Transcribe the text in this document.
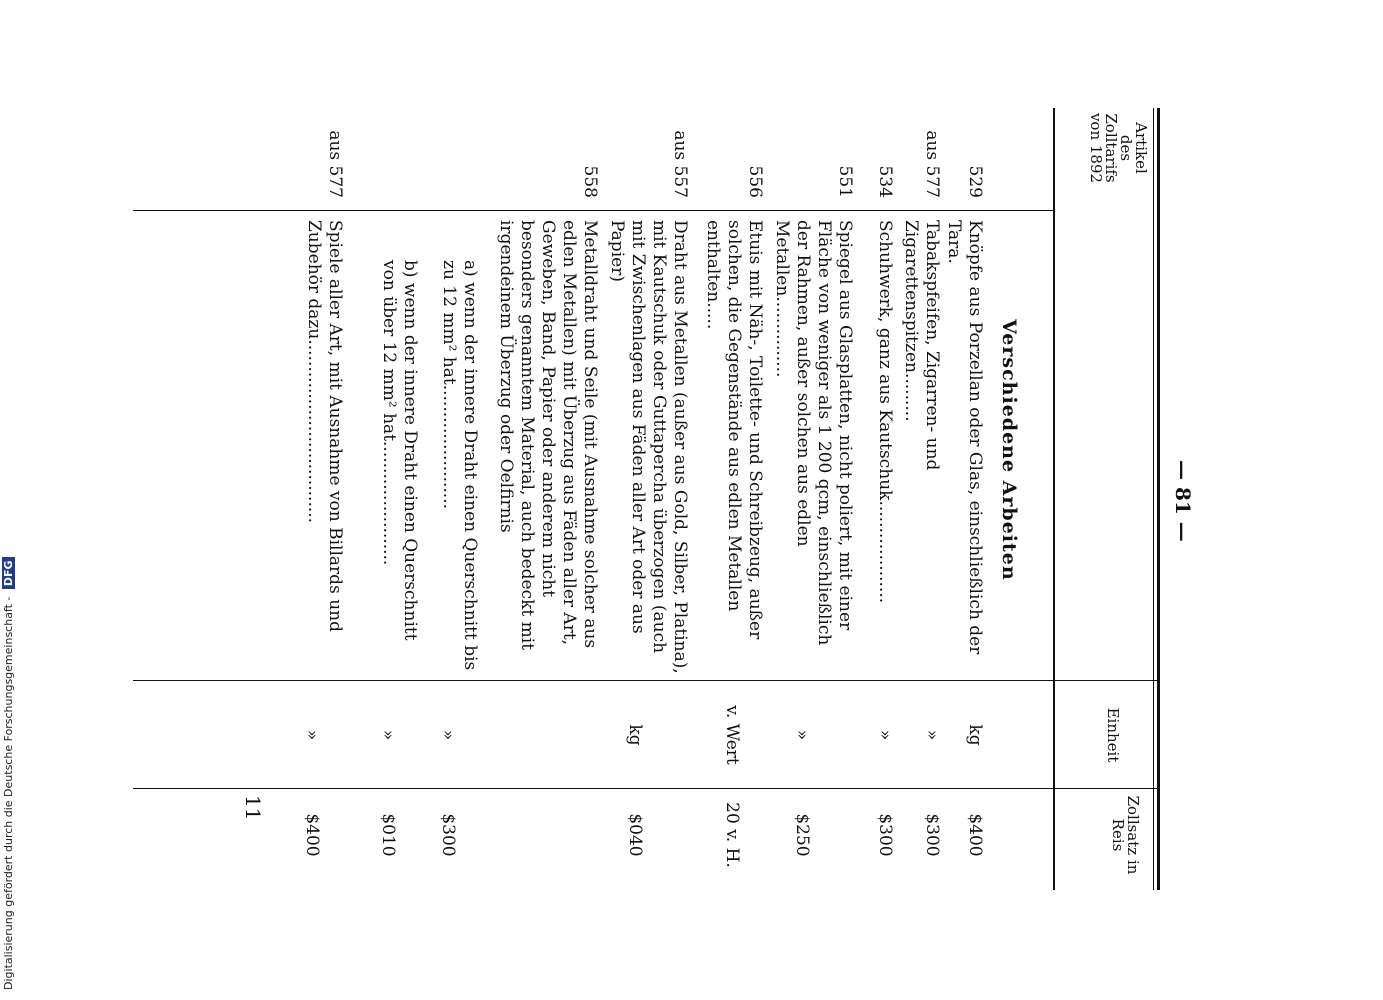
— 81 —
Artikel des Zolltarifs von 1892
Einheit
Zollsatz in Reis
Verschiedene Arbeiten
529
Knöpfe aus Porzellan oder Glas, einschließlich der Tara.
kg
$400
aus 577
Tabakspfeifen, Zigarren- und Zigarettenspitzen.........
»
$300
534
Schuhwerk, ganz aus Kautschuk...................
»
$300
551
Spiegel aus Glasplatten, nicht poliert, mit einer Fläche von weniger als 1 200 qcm, einschließlich der Rahmen, außer solchen aus edlen Metallen...............
»
$250
556
Etuis mit Näh-, Toilette- und Schreibzeug, außer solchen, die Gegenstände aus edlen Metallen enthalten.....
v. Wert
20 v. H.
aus 557
Draht aus Metallen (außer aus Gold, Silber, Platina), mit Kautschuk oder Guttapercha überzogen (auch mit Zwischenlagen aus Fäden aller Art oder aus Papier)
kg
$040
558
Metalldraht und Seile (mit Ausnahme solcher aus edlen Metallen) mit Überzug aus Fäden aller Art, Geweben, Band, Papier oder anderem nicht besonders genanntem Material, auch bedeckt mit irgendeinem Überzug oder Oelfirnis
a) wenn der innere Draht einen Querschnitt bis zu 12 mm² hat.......................
»
$300
b) wenn der innere Draht einen Querschnitt von über 12 mm² hat.......................
»
$010
aus 577
Spiele aller Art, mit Ausnahme von Billards und Zubehör dazu..................................
»
$400
11
Digitalisierung gefördert durch die Deutsche Forschungsgemeinschaft - DFG
